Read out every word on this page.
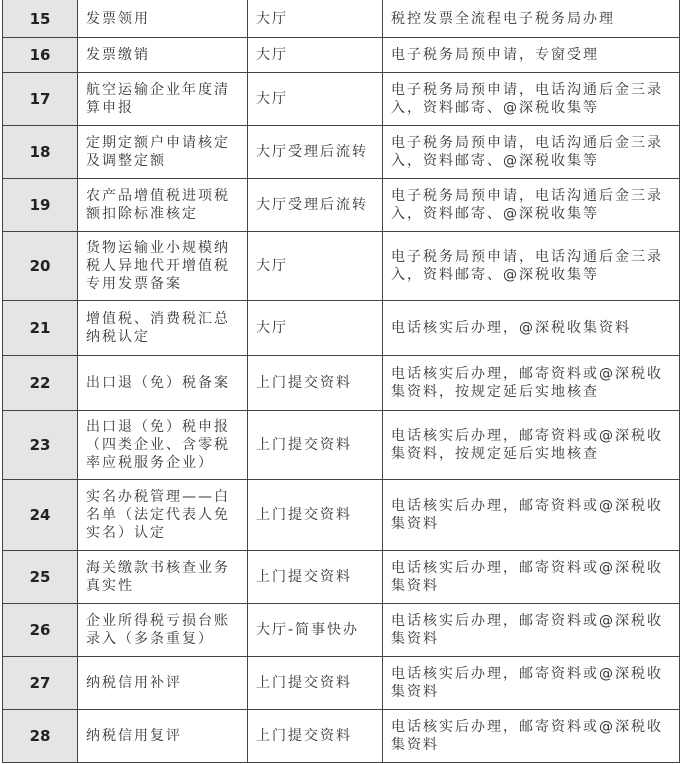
15	发票领用	大厅	税控发票全流程电子税务局办理
16	发票缴销	大厅	电子税务局预申请，专窗受理
17	航空运输企业年度清算申报	大厅	电子税务局预申请，电话沟通后金三录入，资料邮寄、@深税收集等
18	定期定额户申请核定及调整定额	大厅受理后流转	电子税务局预申请，电话沟通后金三录入，资料邮寄、@深税收集等
19	农产品增值税进项税额扣除标准核定	大厅受理后流转	电子税务局预申请，电话沟通后金三录入，资料邮寄、@深税收集等
20	货物运输业小规模纳税人异地代开增值税专用发票备案	大厅	电子税务局预申请，电话沟通后金三录入，资料邮寄、@深税收集等
21	增值税、消费税汇总纳税认定	大厅	电话核实后办理，@深税收集资料
22	出口退（免）税备案	上门提交资料	电话核实后办理，邮寄资料或@深税收集资料，按规定延后实地核查
23	出口退（免）税申报（四类企业、含零税率应税服务企业）	上门提交资料	电话核实后办理，邮寄资料或@深税收集资料，按规定延后实地核查
24	实名办税管理——白名单（法定代表人免实名）认定	上门提交资料	电话核实后办理，邮寄资料或@深税收集资料
25	海关缴款书核查业务真实性	上门提交资料	电话核实后办理，邮寄资料或@深税收集资料
26	企业所得税亏损台账录入（多条重复）	大厅-简事快办	电话核实后办理，邮寄资料或@深税收集资料
27	纳税信用补评	上门提交资料	电话核实后办理，邮寄资料或@深税收集资料
28	纳税信用复评	上门提交资料	电话核实后办理，邮寄资料或@深税收集资料
